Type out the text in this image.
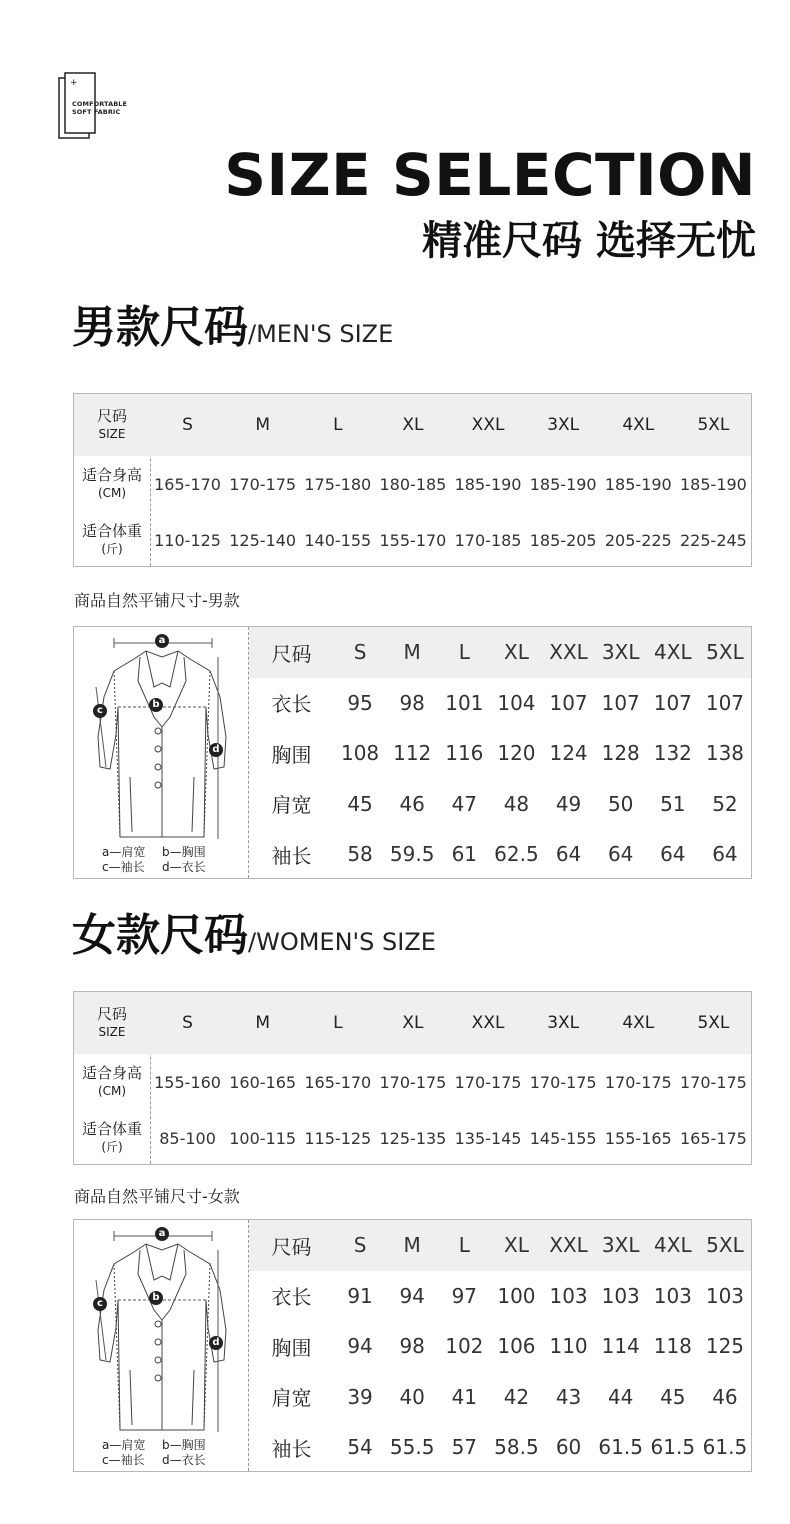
+
COMFORTABLE
SOFT FABRIC
SIZE SELECTION
精准尺码 选择无忧
男款尺码/MEN'S SIZE
尺码
SIZE	S	M	L	XL	XXL	3XL	4XL	5XL
适合身高
(CM)	165-170 170-175 175-180 180-185 185-190 185-190 185-190 185-190
适合体重
(斤)	110-125 125-140 140-155 155-170 170-185 185-205 205-225 225-245
商品自然平铺尺寸-男款
a
b
c
d
a—肩宽 b—胸围
c—袖长 d—衣长
尺码	S	M	L	XL	XXL 3XL 4XL 5XL
衣长	95	98	101 104 107 107 107 107
胸围	108 112 116 120 124 128 132 138
肩宽	45	46	47	48	49	50	51	52
袖长	58 59.5 61 62.5 64	64	64	64
女款尺码/WOMEN'S SIZE
尺码
SIZE	S	M	L	XL	XXL	3XL	4XL	5XL
适合身高
(CM)	155-160 160-165 165-170 170-175 170-175 170-175 170-175 170-175
适合体重
(斤)	85-100 100-115 115-125 125-135 135-145 145-155 155-165 165-175
商品自然平铺尺寸-女款
a
b
c
d
a—肩宽 b—胸围
c—袖长 d—衣长
尺码	S	M	L	XL	XXL 3XL 4XL 5XL
衣长	91	94	97	100 103 103 103 103
胸围	94	98	102 106 110 114 118 125
肩宽	39	40	41	42	43	44	45	46
袖长	54 55.5 57 58.5 60 61.5 61.5 61.5
